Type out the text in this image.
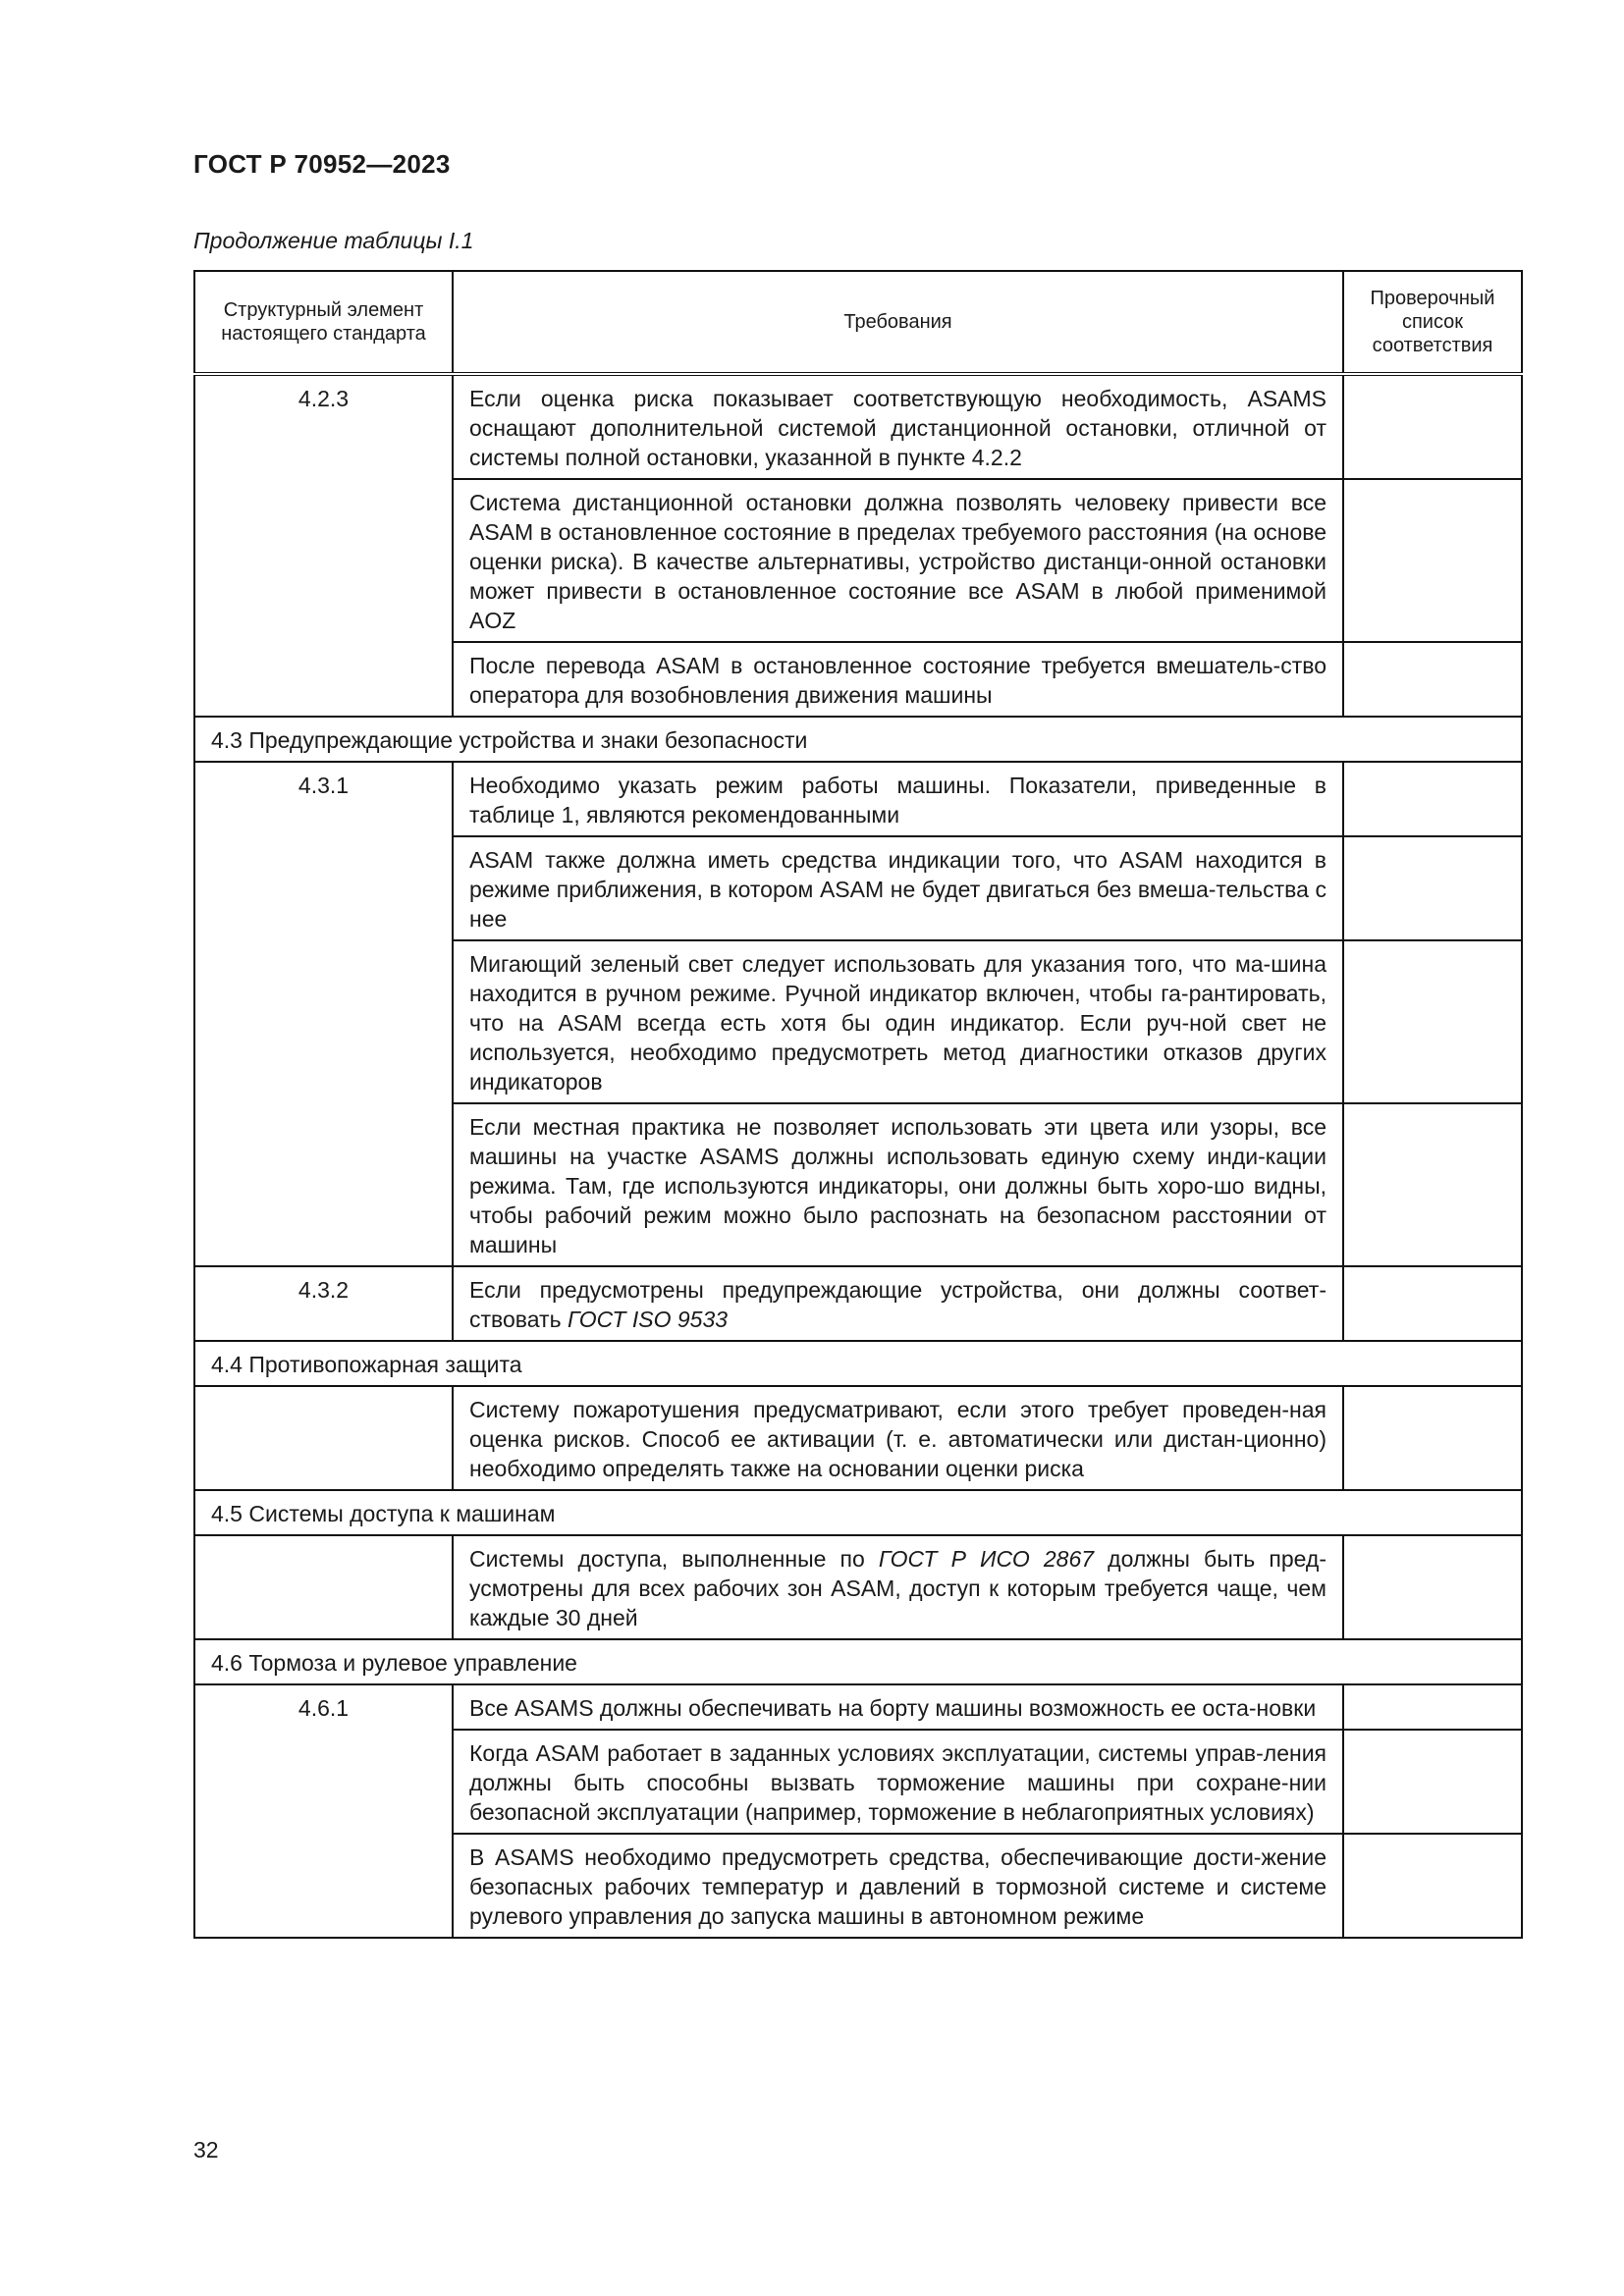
ГОСТ Р 70952—2023
Продолжение таблицы I.1
Структурный элемент настоящего стандарта	Требования	Проверочный список соответствия
4.2.3	Если оценка риска показывает соответствующую необходимость, ASAMS оснащают дополнительной системой дистанционной остановки, отличной от системы полной остановки, указанной в пункте 4.2.2	
	Система дистанционной остановки должна позволять человеку привести все ASAM в остановленное состояние в пределах требуемого расстояния (на основе оценки риска). В качестве альтернативы, устройство дистанци-онной остановки может привести в остановленное состояние все ASAM в любой применимой AOZ	
	После перевода ASAM в остановленное состояние требуется вмешатель-ство оператора для возобновления движения машины	
4.3 Предупреждающие устройства и знаки безопасности		
4.3.1	Необходимо указать режим работы машины. Показатели, приведенные в таблице 1, являются рекомендованными	
	ASAM также должна иметь средства индикации того, что ASAM находится в режиме приближения, в котором ASAM не будет двигаться без вмеша-тельства с нее	
	Мигающий зеленый свет следует использовать для указания того, что ма-шина находится в ручном режиме. Ручной индикатор включен, чтобы га-рантировать, что на ASAM всегда есть хотя бы один индикатор. Если руч-ной свет не используется, необходимо предусмотреть метод диагностики отказов других индикаторов	
	Если местная практика не позволяет использовать эти цвета или узоры, все машины на участке ASAMS должны использовать единую схему инди-кации режима. Там, где используются индикаторы, они должны быть хоро-шо видны, чтобы рабочий режим можно было распознать на безопасном расстоянии от машины	
4.3.2	Если предусмотрены предупреждающие устройства, они должны соответ-ствовать ГОСТ ISO 9533	
4.4 Противопожарная защита		
	Систему пожаротушения предусматривают, если этого требует проведен-ная оценка рисков. Способ ее активации (т. е. автоматически или дистан-ционно) необходимо определять также на основании оценки риска	
4.5 Системы доступа к машинам		
	Системы доступа, выполненные по ГОСТ Р ИСО 2867 должны быть пред-усмотрены для всех рабочих зон ASAM, доступ к которым требуется чаще, чем каждые 30 дней	
4.6 Тормоза и рулевое управление		
4.6.1	Все ASAMS должны обеспечивать на борту машины возможность ее оста-новки	
	Когда ASAM работает в заданных условиях эксплуатации, системы управ-ления должны быть способны вызвать торможение машины при сохране-нии безопасной эксплуатации (например, торможение в неблагоприятных условиях)	
	В ASAMS необходимо предусмотреть средства, обеспечивающие дости-жение безопасных рабочих температур и давлений в тормозной системе и системе рулевого управления до запуска машины в автономном режиме	
32
